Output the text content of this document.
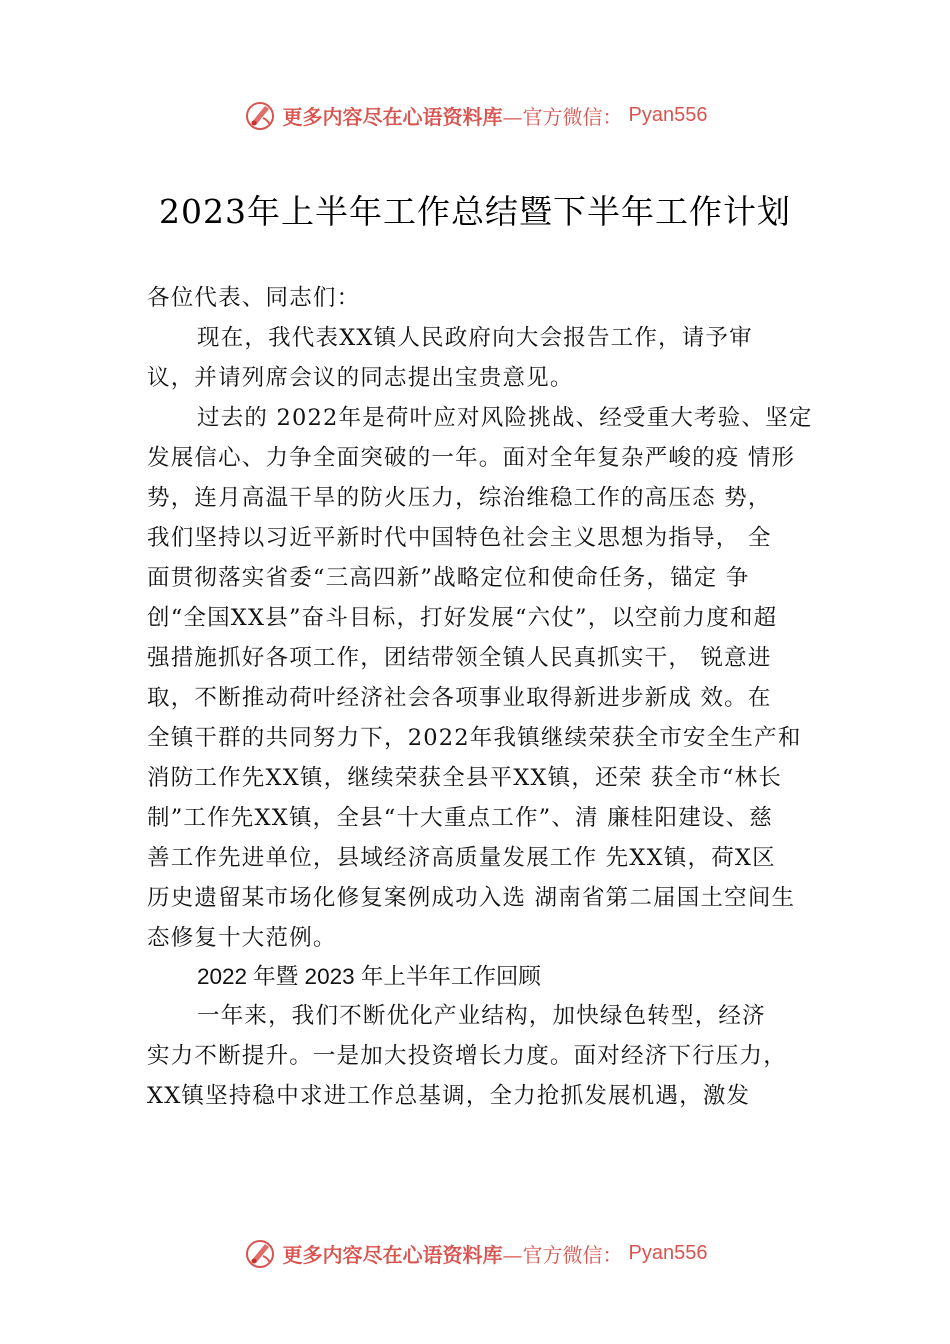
更多内容尽在心语资料库—官方微信： Pyan556
2023年上半年工作总结暨下半年工作计划
各位代表、同志们：
现在，我代表XX镇人民政府向大会报告工作，请予审
议，并请列席会议的同志提出宝贵意见。
过去的 2022年是荷叶应对风险挑战、经受重大考验、坚定
发展信心、力争全面突破的一年。面对全年复杂严峻的疫 情形
势，连月高温干旱的防火压力，综治维稳工作的高压态 势，
我们坚持以习近平新时代中国特色社会主义思想为指导， 全
面贯彻落实省委“三高四新”战略定位和使命任务，锚定 争
创“全国XX县”奋斗目标，打好发展“六仗”，以空前力度和超
强措施抓好各项工作，团结带领全镇人民真抓实干， 锐意进
取，不断推动荷叶经济社会各项事业取得新进步新成 效。在
全镇干群的共同努力下，2022年我镇继续荣获全市安全生产和
消防工作先XX镇，继续荣获全县平XX镇，还荣 获全市“林长
制”工作先XX镇，全县“十大重点工作”、清 廉桂阳建设、慈
善工作先进单位，县域经济高质量发展工作 先XX镇，荷X区
历史遗留某市场化修复案例成功入选 湖南省第二届国土空间生
态修复十大范例。
2022 年暨 2023 年上半年工作回顾
一年来，我们不断优化产业结构，加快绿色转型，经济
实力不断提升。一是加大投资增长力度。面对经济下行压力，
XX镇坚持稳中求进工作总基调，全力抢抓发展机遇，激发
更多内容尽在心语资料库—官方微信： Pyan556
